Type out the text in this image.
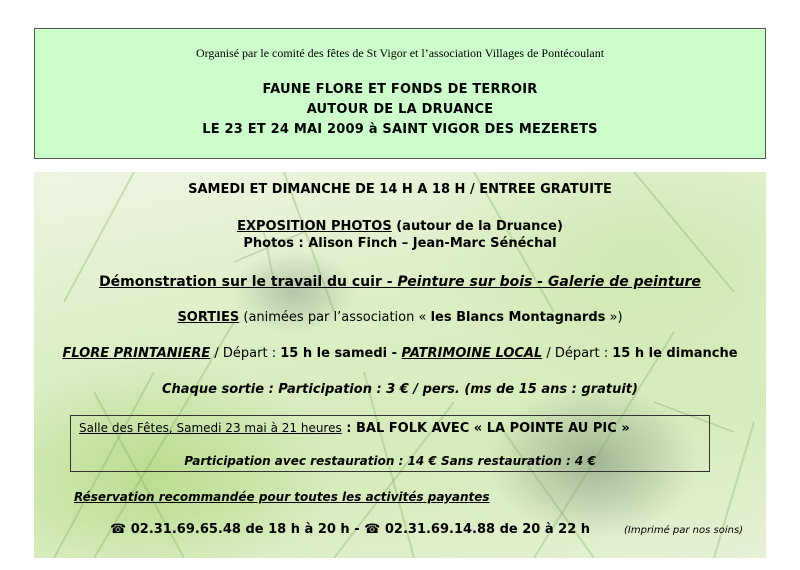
Organisé par le comité des fêtes de St Vigor et l’association Villages de Pontécoulant
FAUNE FLORE ET FONDS DE TERROIR
AUTOUR DE LA DRUANCE
LE 23 ET 24 MAI 2009 à SAINT VIGOR DES MEZERETS
SAMEDI ET DIMANCHE DE 14 H A 18 H / ENTREE GRATUITE
EXPOSITION PHOTOS (autour de la Druance)
Photos : Alison Finch – Jean-Marc Sénéchal
Démonstration sur le travail du cuir - Peinture sur bois - Galerie de peinture
SORTIES (animées par l’association « les Blancs Montagnards »)
FLORE PRINTANIERE / Départ : 15 h le samedi - PATRIMOINE LOCAL / Départ : 15 h le dimanche
Chaque sortie : Participation : 3 € / pers. (ms de 15 ans : gratuit)
Salle des Fêtes, Samedi 23 mai à 21 heures : BAL FOLK AVEC « LA POINTE AU PIC »
Participation avec restauration : 14 € Sans restauration : 4 €
Réservation recommandée pour toutes les activités payantes
☎ 02.31.69.65.48 de 18 h à 20 h - ☎ 02.31.69.14.88 de 20 à 22 h	(Imprimé par nos soins)
